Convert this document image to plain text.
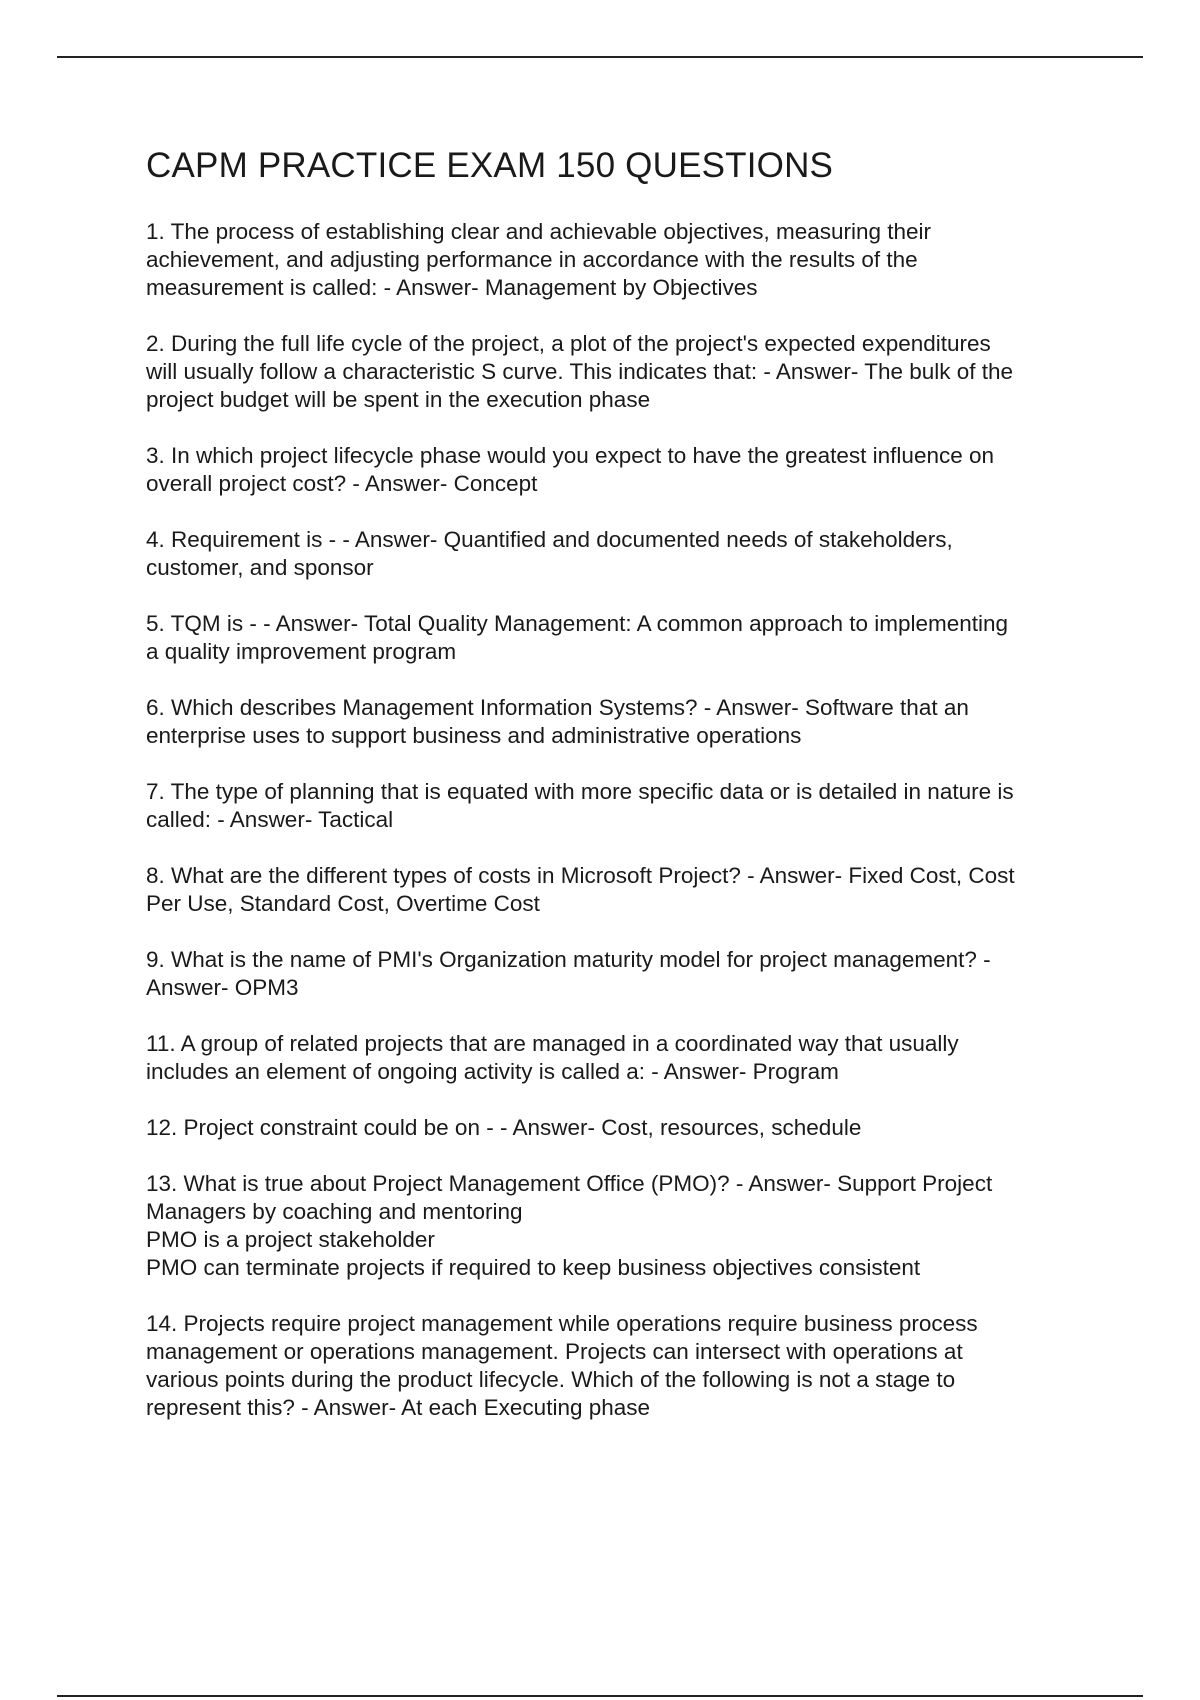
CAPM PRACTICE EXAM 150 QUESTIONS
1. The process of establishing clear and achievable objectives, measuring their
achievement, and adjusting performance in accordance with the results of the
measurement is called: - Answer- Management by Objectives
2. During the full life cycle of the project, a plot of the project's expected expenditures
will usually follow a characteristic S curve. This indicates that: - Answer- The bulk of the
project budget will be spent in the execution phase
3. In which project lifecycle phase would you expect to have the greatest influence on
overall project cost? - Answer- Concept
4. Requirement is - - Answer- Quantified and documented needs of stakeholders,
customer, and sponsor
5. TQM is - - Answer- Total Quality Management: A common approach to implementing
a quality improvement program
6. Which describes Management Information Systems? - Answer- Software that an
enterprise uses to support business and administrative operations
7. The type of planning that is equated with more specific data or is detailed in nature is
called: - Answer- Tactical
8. What are the different types of costs in Microsoft Project? - Answer- Fixed Cost, Cost
Per Use, Standard Cost, Overtime Cost
9. What is the name of PMI's Organization maturity model for project management? -
Answer- OPM3
11. A group of related projects that are managed in a coordinated way that usually
includes an element of ongoing activity is called a: - Answer- Program
12. Project constraint could be on - - Answer- Cost, resources, schedule
13. What is true about Project Management Office (PMO)? - Answer- Support Project
Managers by coaching and mentoring
PMO is a project stakeholder
PMO can terminate projects if required to keep business objectives consistent
14. Projects require project management while operations require business process
management or operations management. Projects can intersect with operations at
various points during the product lifecycle. Which of the following is not a stage to
represent this? - Answer- At each Executing phase
